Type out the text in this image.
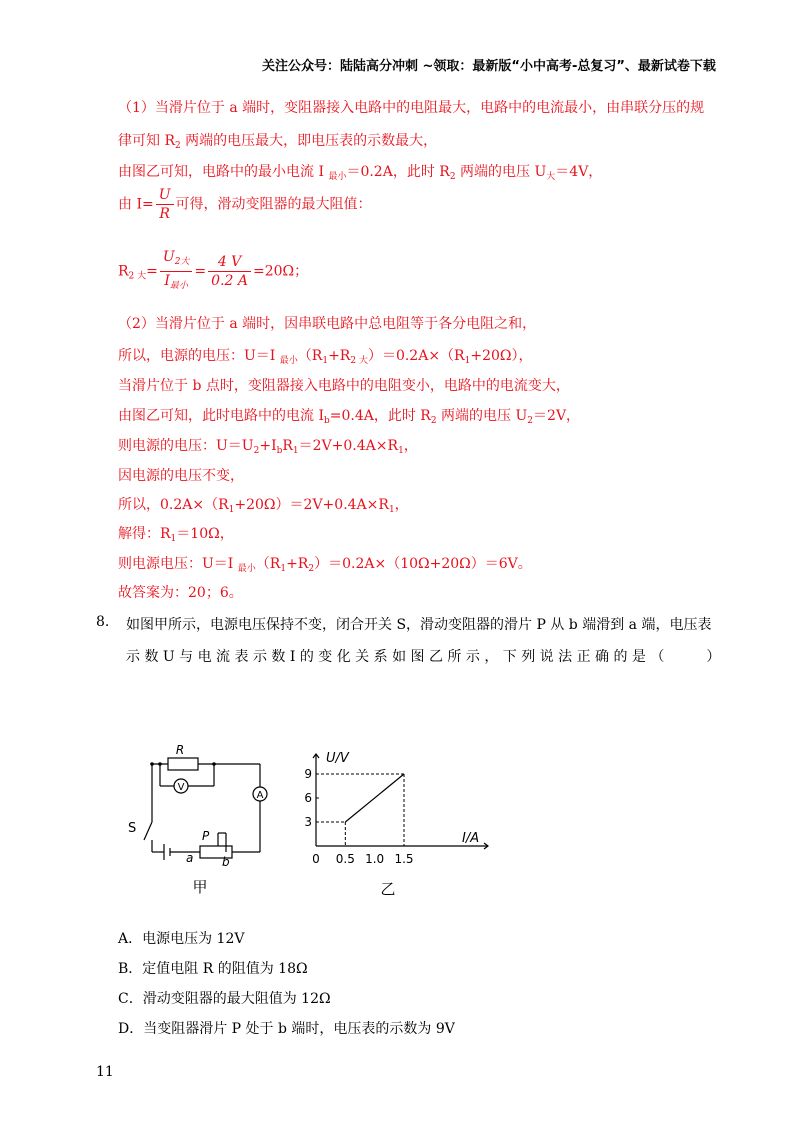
关注公众号：陆陆高分冲刺 ~领取：最新版“小中高考-总复习”、最新试卷下载
（1）当滑片位于 a 端时，变阻器接入电路中的电阻最大，电路中的电流最小，由串联分压的规
律可知 $R_2$ 两端的电压最大，即电压表的示数最大，
由图乙可知，电路中的最小电流 I $_{最小}$＝0.2A，此时 $R_2$ 两端的电压 $U_大=4V$，
由 $I= \frac{U}{R}$ 可得，滑动变阻器的最大阻值：
$R_{2 大}= \frac{U_{2大}}{I_{最小}} = \frac{4 V}{0.2 A} =20\Omega$；
（2）当滑片位于 a 端时，因串联电路中总电阻等于各分电阻之和，
所以，电源的电压：U＝I $_{最小}(R_1+R_{2 大})=0.2A\times(R_1+20\Omega)$，
当滑片位于 b 点时，变阻器接入电路中的电阻变小，电路中的电流变大，
由图乙可知，此时电路中的电流 $I_b=0.4A$，此时 $R_2$ 两端的电压 $U_2=2V$，
则电源的电压：$U=U_2+I_bR_1=2V+0.4A\times R_1$，
因电源的电压不变，
所以，$0.2A\times(R_1+20\Omega)=2V+0.4A\times R_1$，
解得：$R_1=10\Omega$，
则电源电压：U＝I $_{最小}(R_1+R_2)=0.2A\times(10\Omega+20\Omega)=6V$。
故答案为：20；6。
8. 如图甲所示，电源电压保持不变，闭合开关 S，滑动变阻器的滑片 P 从 b 端滑到 a 端，电压表
示 数 U 与 电 流 表 示 数 I 的 变 化 关 系 如 图 乙 所 示 ， 下 列 说 法 正 确 的 是 （　　　）
R
V
A
S	P
a b
甲
0 0.5 1.0 1.5
3
6
9
U/V
I/A
乙
A．电源电压为 12V
B．定值电阻 R 的阻值为 18Ω
C．滑动变阻器的最大阻值为 12Ω
D．当变阻器滑片 P 处于 b 端时，电压表的示数为 9V
11
